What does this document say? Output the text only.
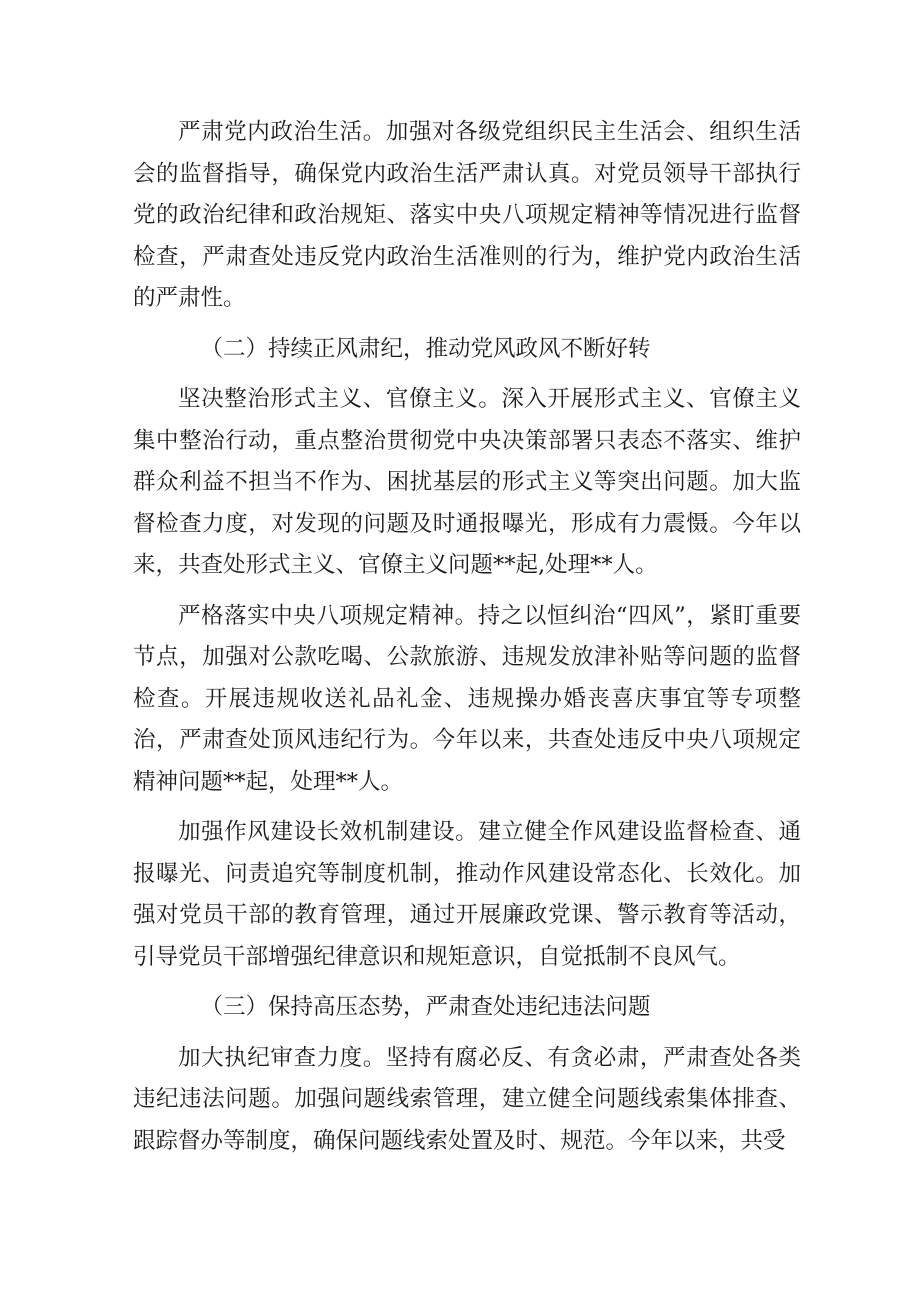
严肃党内政治生活。加强对各级党组织民主生活会、组织生活会的监督指导，确保党内政治生活严肃认真。对党员领导干部执行党的政治纪律和政治规矩、落实中央八项规定精神等情况进行监督检查，严肃查处违反党内政治生活准则的行为，维护党内政治生活的严肃性。

（二）持续正风肃纪，推动党风政风不断好转

坚决整治形式主义、官僚主义。深入开展形式主义、官僚主义集中整治行动，重点整治贯彻党中央决策部署只表态不落实、维护群众利益不担当不作为、困扰基层的形式主义等突出问题。加大监督检查力度，对发现的问题及时通报曝光，形成有力震慑。今年以来，共查处形式主义、官僚主义问题**起,处理**人。

严格落实中央八项规定精神。持之以恒纠治“四风”，紧盯重要节点，加强对公款吃喝、公款旅游、违规发放津补贴等问题的监督检查。开展违规收送礼品礼金、违规操办婚丧喜庆事宜等专项整治，严肃查处顶风违纪行为。今年以来，共查处违反中央八项规定精神问题**起，处理**人。

加强作风建设长效机制建设。建立健全作风建设监督检查、通报曝光、问责追究等制度机制，推动作风建设常态化、长效化。加强对党员干部的教育管理，通过开展廉政党课、警示教育等活动，引导党员干部增强纪律意识和规矩意识，自觉抵制不良风气。

（三）保持高压态势，严肃查处违纪违法问题

加大执纪审查力度。坚持有腐必反、有贪必肃，严肃查处各类违纪违法问题。加强问题线索管理，建立健全问题线索集体排查、跟踪督办等制度，确保问题线索处置及时、规范。今年以来，共受
